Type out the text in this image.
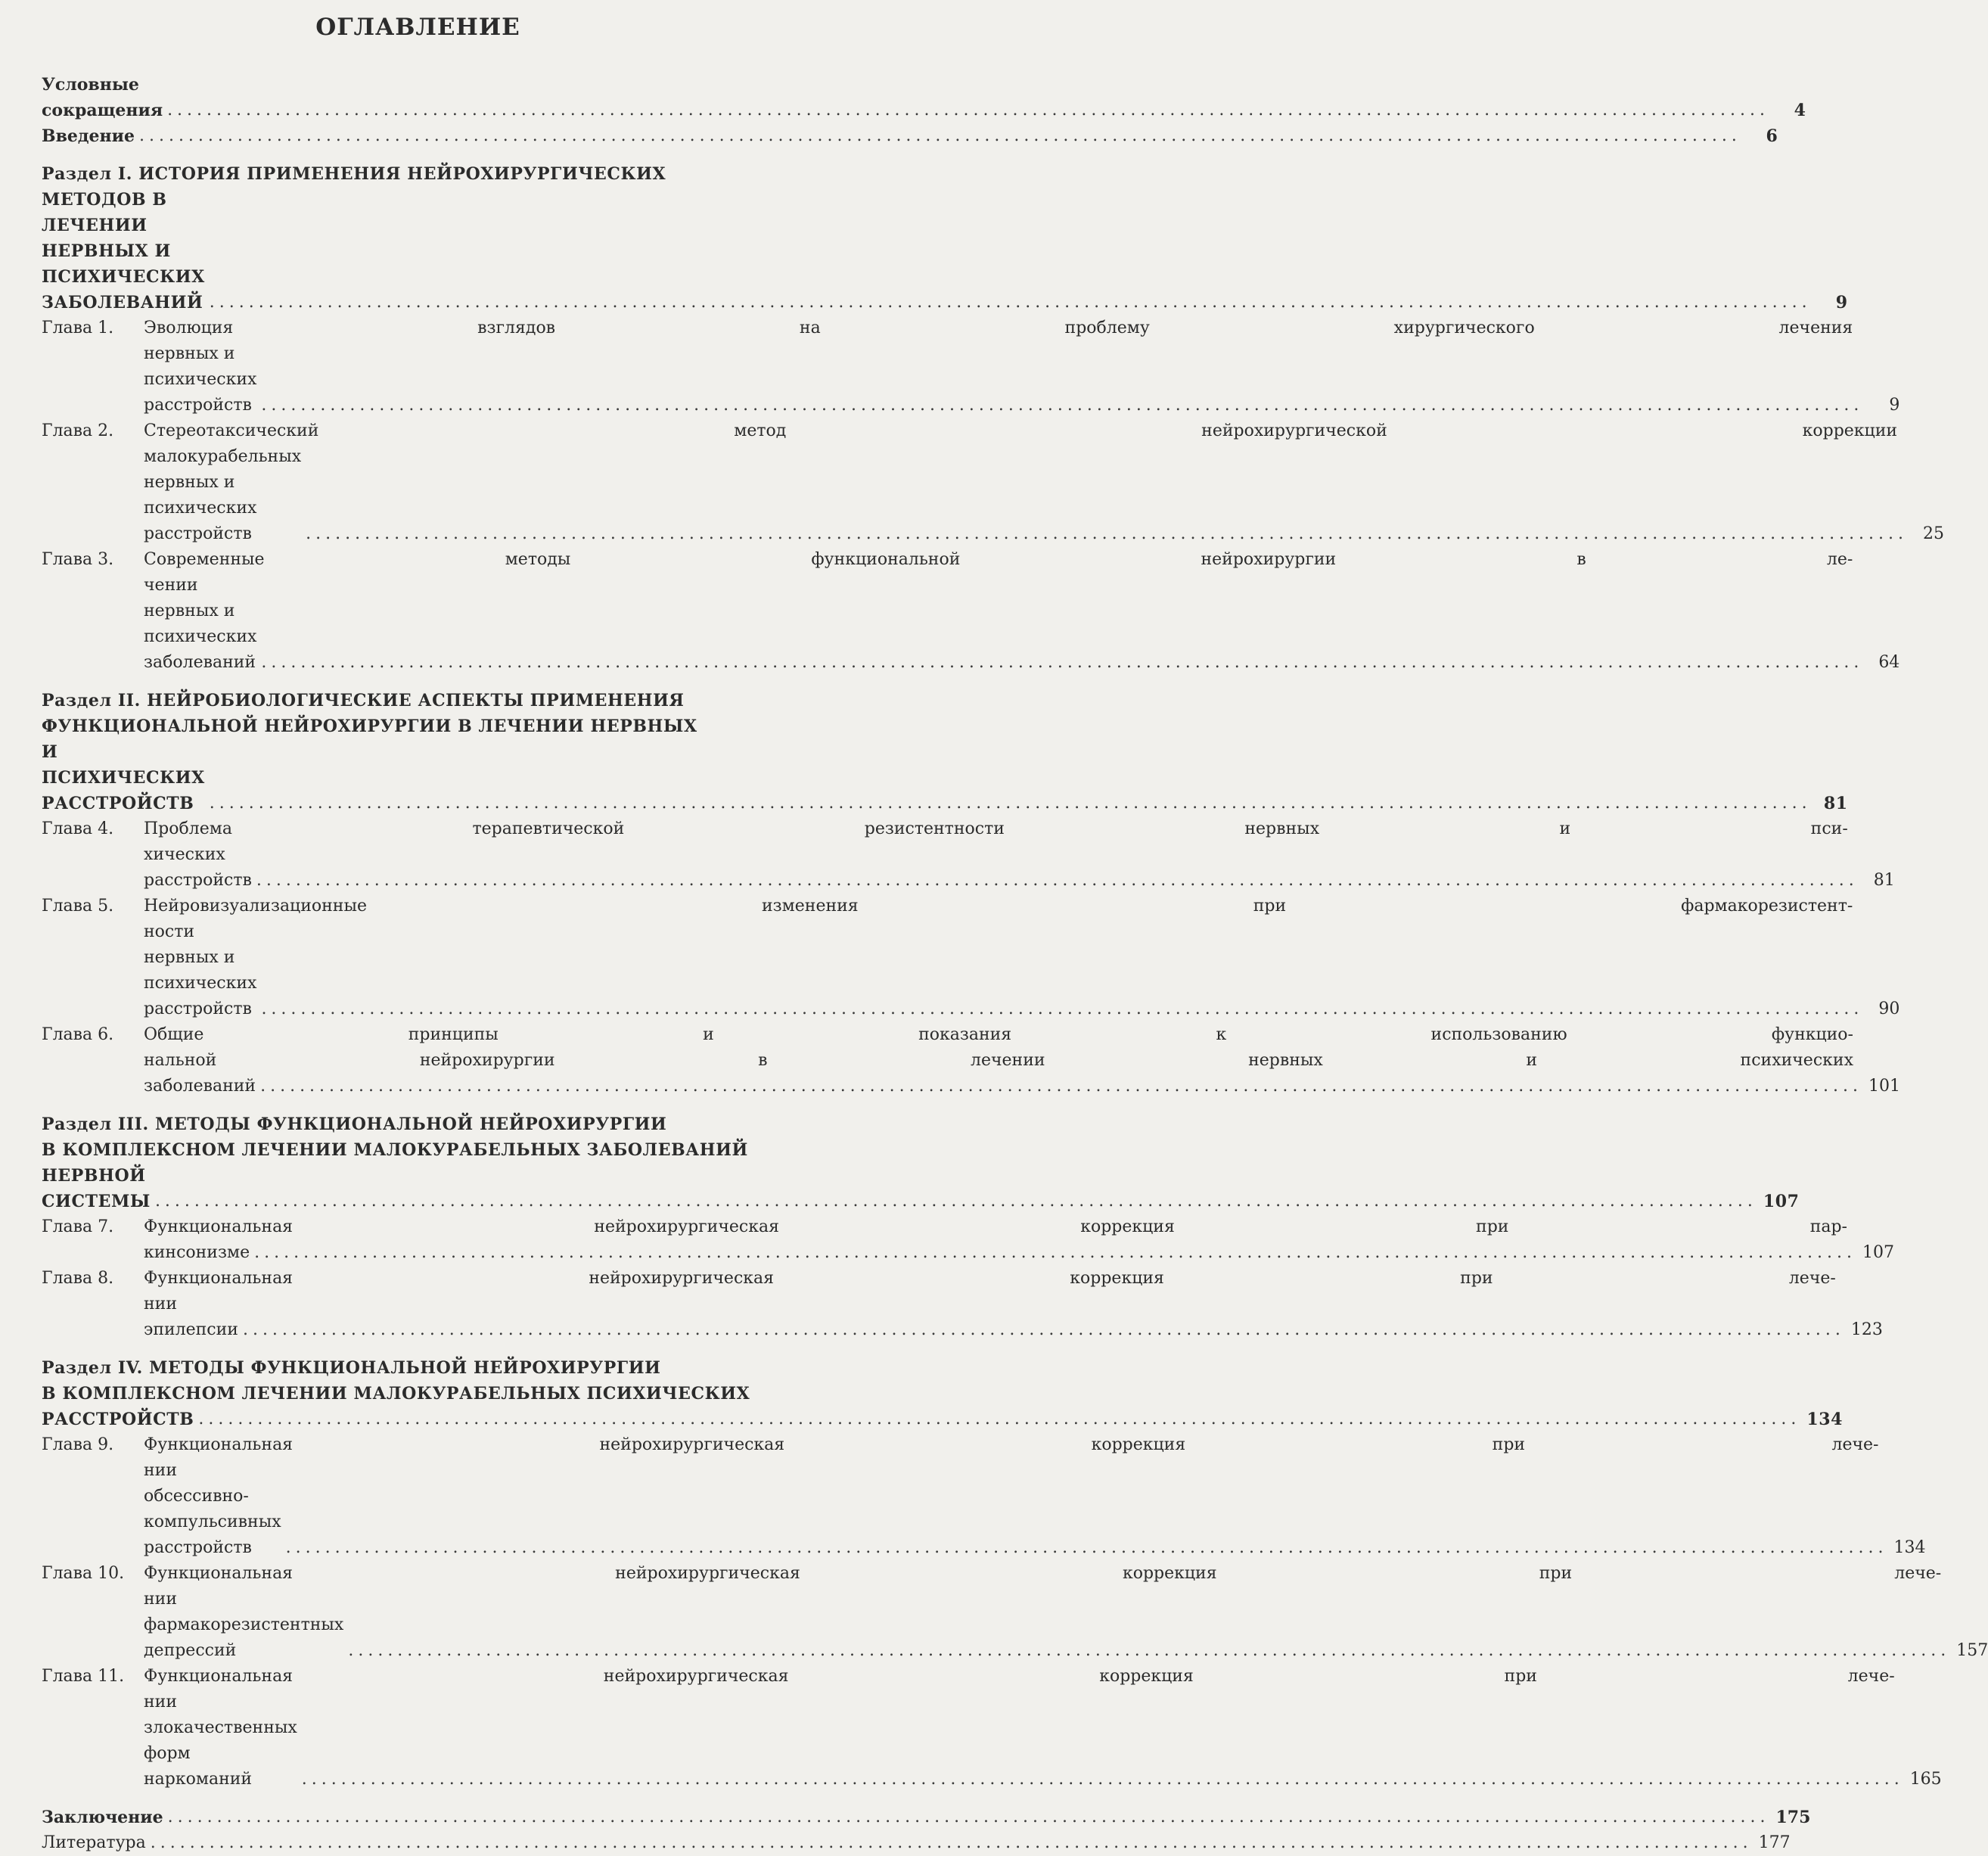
ОГЛАВЛЕНИЕ
Условные сокращения .....	4
Введение .....	6
Раздел I. ИСТОРИЯ ПРИМЕНЕНИЯ НЕЙРОХИРУРГИЧЕСКИХ
МЕТОДОВ В ЛЕЧЕНИИ НЕРВНЫХ И ПСИХИЧЕСКИХ ЗАБОЛЕВАНИЙ .....	9
Глава 1.	Эволюция взглядов на проблему хирургического лечения
нервных и психических расстройств .....	9
Глава 2.	Стереотаксический метод нейрохирургической коррекции
малокурабельных нервных и психических расстройств .....	25
Глава 3.	Современные методы функциональной нейрохирургии в ле-
чении нервных и психических заболеваний .....	64
Раздел II. НЕЙРОБИОЛОГИЧЕСКИЕ АСПЕКТЫ ПРИМЕНЕНИЯ
ФУНКЦИОНАЛЬНОЙ НЕЙРОХИРУРГИИ В ЛЕЧЕНИИ НЕРВНЫХ
И ПСИХИЧЕСКИХ РАССТРОЙСТВ .....	81
Глава 4.	Проблема терапевтической резистентности нервных и пси-
хических расстройств .....	81
Глава 5.	Нейровизуализационные изменения при фармакорезистент-
ности нервных и психических расстройств .....	90
Глава 6.	Общие принципы и показания к использованию функцио-
нальной нейрохирургии в лечении нервных и психических
заболеваний .....	101
Раздел III. МЕТОДЫ ФУНКЦИОНАЛЬНОЙ НЕЙРОХИРУРГИИ
В КОМПЛЕКСНОМ ЛЕЧЕНИИ МАЛОКУРАБЕЛЬНЫХ ЗАБОЛЕВАНИЙ
НЕРВНОЙ СИСТЕМЫ .....	107
Глава 7.	Функциональная нейрохирургическая коррекция при пар-
кинсонизме .....	107
Глава 8.	Функциональная нейрохирургическая коррекция при лече-
нии эпилепсии .....	123
Раздел IV. МЕТОДЫ ФУНКЦИОНАЛЬНОЙ НЕЙРОХИРУРГИИ
В КОМПЛЕКСНОМ ЛЕЧЕНИИ МАЛОКУРАБЕЛЬНЫХ ПСИХИЧЕСКИХ
РАССТРОЙСТВ .....	134
Глава 9.	Функциональная нейрохирургическая коррекция при лече-
нии обсессивно-компульсивных расстройств .....	134
Глава 10.	Функциональная нейрохирургическая коррекция при лече-
нии фармакорезистентных депрессий .....	157
Глава 11.	Функциональная нейрохирургическая коррекция при лече-
нии злокачественных форм наркоманий .....	165
Заключение .....	175
Литература .....	177
